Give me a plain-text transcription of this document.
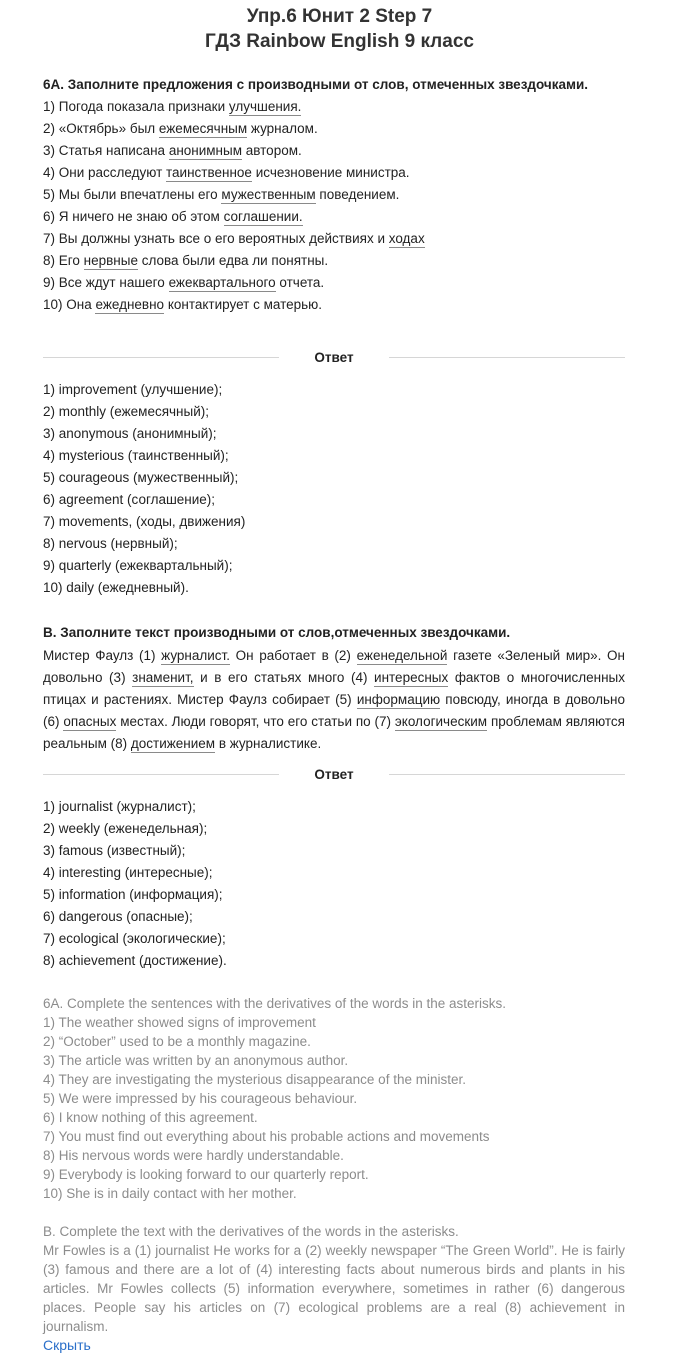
Упр.6 Юнит 2 Step 7
ГДЗ Rainbow English 9 класс
6А. Заполните предложения с производными от слов, отмеченных звездочками.
1) Погода показала признаки улучшения.
2) «Октябрь» был ежемесячным журналом.
3) Статья написана анонимным автором.
4) Они расследуют таинственное исчезновение министра.
5) Мы были впечатлены его мужественным поведением.
6) Я ничего не знаю об этом соглашении.
7) Вы должны узнать все о его вероятных действиях и ходах
8) Его нервные слова были едва ли понятны.
9) Все ждут нашего ежеквартального отчета.
10) Она ежедневно контактирует с матерью.
Ответ
1) improvement (улучшение);
2) monthly (ежемесячный);
3) anonymous (анонимный);
4) mysterious (таинственный);
5) courageous (мужественный);
6) agreement (соглашение);
7) movements, (ходы, движения)
8) nervous (нервный);
9) quarterly (ежеквартальный);
10) daily (ежедневный).
В. Заполните текст производными от слов,отмеченных звездочками.
Мистер Фаулз (1) журналист. Он работает в (2) еженедельной газете «Зеленый мир». Он довольно (3) знаменит, и в его статьях много (4) интересных фактов о многочисленных птицах и растениях. Мистер Фаулз собирает (5) информацию повсюду, иногда в довольно (6) опасных местах. Люди говорят, что его статьи по (7) экологическим проблемам являются реальным (8) достижением в журналистике.
Ответ
1) journalist (журналист);
2) weekly (еженедельная);
3) famous (известный);
4) interesting (интересные);
5) information (информация);
6) dangerous (опасные);
7) ecological (экологические);
8) achievement (достижение).
6A. Complete the sentences with the derivatives of the words in the asterisks.
1) The weather showed signs of improvement
2) “October” used to be a monthly magazine.
3) The article was written by an anonymous author.
4) They are investigating the mysterious disappearance of the minister.
5) We were impressed by his courageous behaviour.
6) I know nothing of this agreement.
7) You must find out everything about his probable actions and movements
8) His nervous words were hardly understandable.
9) Everybody is looking forward to our quarterly report.
10) She is in daily contact with her mother.
B. Complete the text with the derivatives of the words in the asterisks.
Mr Fowles is a (1) journalist He works for a (2) weekly newspaper “The Green World”. He is fairly (3) famous and there are a lot of (4) interesting facts about numerous birds and plants in his articles. Mr Fowles collects (5) information everywhere, sometimes in rather (6) dangerous places. People say his articles on (7) ecological problems are a real (8) achievement in journalism.
Скрыть
